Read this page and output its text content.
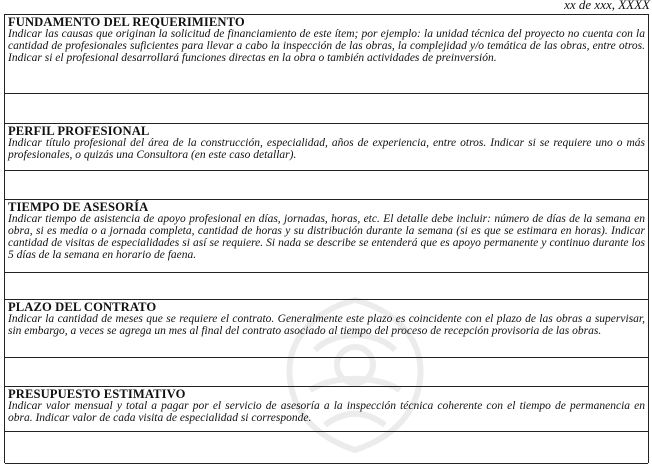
xx de xxx, XXXX
FUNDAMENTO DEL REQUERIMIENTO

Indicar las causas que originan la solicitud de financiamiento de este ítem; por ejemplo: la unidad técnica del proyecto no cuenta con la cantidad de profesionales suficientes para llevar a cabo la inspección de las obras, la complejidad y/o temática de las obras, entre otros. Indicar si el profesional desarrollará funciones directas en la obra o también actividades de preinversión.

PERFIL PROFESIONAL

Indicar título profesional del área de la construcción, especialidad, años de experiencia, entre otros. Indicar si se requiere uno o más profesionales, o quizás una Consultora (en este caso detallar).

TIEMPO DE ASESORÍA

Indicar tiempo de asistencia de apoyo profesional en días, jornadas, horas, etc. El detalle debe incluir: número de días de la semana en obra, si es media o a jornada completa, cantidad de horas y su distribución durante la semana (si es que se estimara en horas). Indicar cantidad de visitas de especialidades si así se requiere. Si nada se describe se entenderá que es apoyo permanente y continuo durante los 5 días de la semana en horario de faena.

PLAZO DEL CONTRATO

Indicar la cantidad de meses que se requiere el contrato. Generalmente este plazo es coincidente con el plazo de las obras a supervisar, sin embargo, a veces se agrega un mes al final del contrato asociado al tiempo del proceso de recepción provisoria de las obras.

PRESUPUESTO ESTIMATIVO

Indicar valor mensual y total a pagar por el servicio de asesoría a la inspección técnica coherente con el tiempo de permanencia en obra. Indicar valor de cada visita de especialidad si corresponde.
